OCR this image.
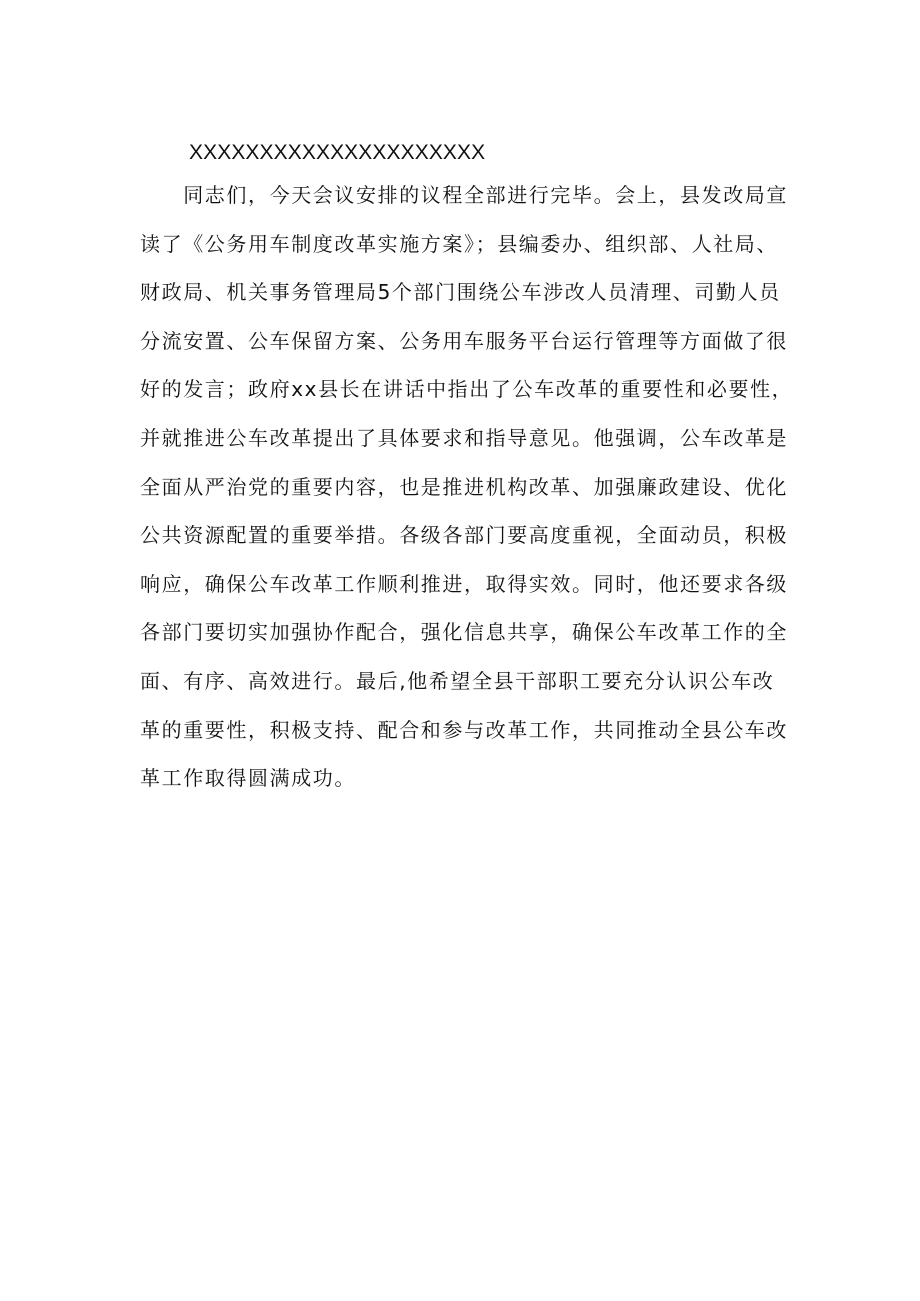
XXXXXXXXXXXXXXXXXXXXX
　　同志们，今天会议安排的议程全部进行完毕。会上，县发改局宣
读了《公务用车制度改革实施方案》；县编委办、组织部、人社局、
财政局、机关事务管理局5个部门围绕公车涉改人员清理、司勤人员
分流安置、公车保留方案、公务用车服务平台运行管理等方面做了很
好的发言；政府xx县长在讲话中指出了公车改革的重要性和必要性，
并就推进公车改革提出了具体要求和指导意见。他强调，公车改革是
全面从严治党的重要内容，也是推进机构改革、加强廉政建设、优化
公共资源配置的重要举措。各级各部门要高度重视，全面动员，积极
响应，确保公车改革工作顺利推进，取得实效。同时，他还要求各级
各部门要切实加强协作配合，强化信息共享，确保公车改革工作的全
面、有序、高效进行。最后,他希望全县干部职工要充分认识公车改
革的重要性，积极支持、配合和参与改革工作，共同推动全县公车改
革工作取得圆满成功。
